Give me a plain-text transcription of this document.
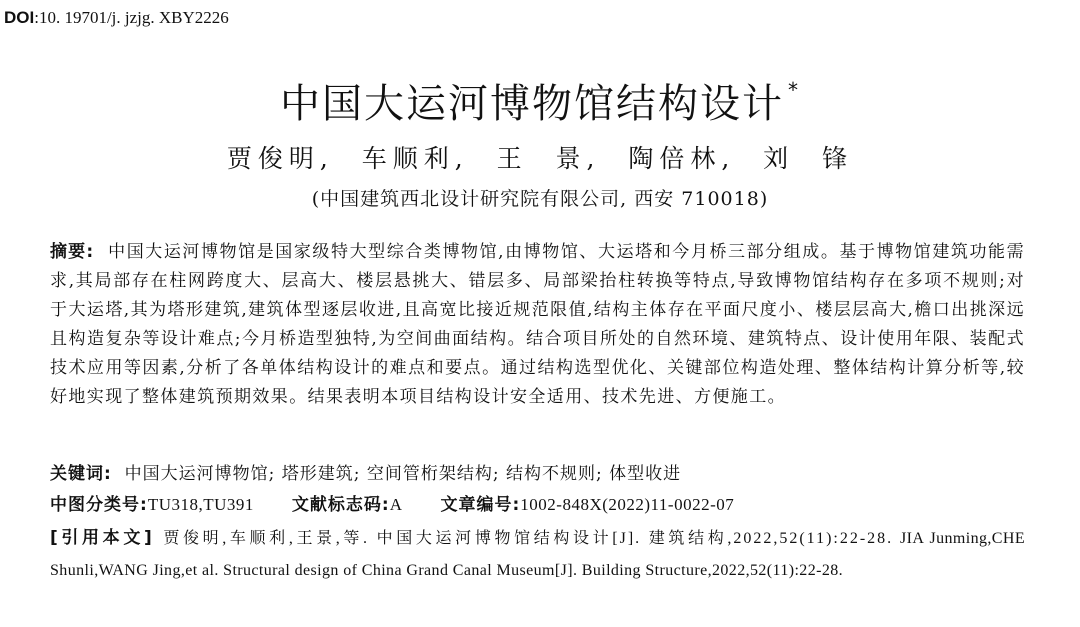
DOI:10. 19701/j. jzjg. XBY2226
中国大运河博物馆结构设计 *
贾俊明,  车顺利,  王  景,  陶倍林,  刘  锋
(中国建筑西北设计研究院有限公司, 西安 710018)
摘要: 中国大运河博物馆是国家级特大型综合类博物馆,由博物馆、大运塔和今月桥三部分组成。基于博物馆建筑功能需求,其局部存在柱网跨度大、层高大、楼层悬挑大、错层多、局部梁抬柱转换等特点,导致博物馆结构存在多项不规则;对于大运塔,其为塔形建筑,建筑体型逐层收进,且高宽比接近规范限值,结构主体存在平面尺度小、楼层层高大,檐口出挑深远且构造复杂等设计难点;今月桥造型独特,为空间曲面结构。结合项目所处的自然环境、建筑特点、设计使用年限、装配式技术应用等因素,分析了各单体结构设计的难点和要点。通过结构选型优化、关键部位构造处理、整体结构计算分析等,较好地实现了整体建筑预期效果。结果表明本项目结构设计安全适用、技术先进、方便施工。
关键词: 中国大运河博物馆; 塔形建筑; 空间管桁架结构; 结构不规则; 体型收进
中图分类号:TU318,TU391 文献标志码:A 文章编号:1002-848X(2022)11-0022-07
[引用本文] 贾俊明,车顺利,王景,等. 中国大运河博物馆结构设计[J]. 建筑结构,2022,52(11):22-28. JIA Junming,CHE Shunli,WANG Jing,et al. Structural design of China Grand Canal Museum[J]. Building Structure,2022,52(11):22-28.
